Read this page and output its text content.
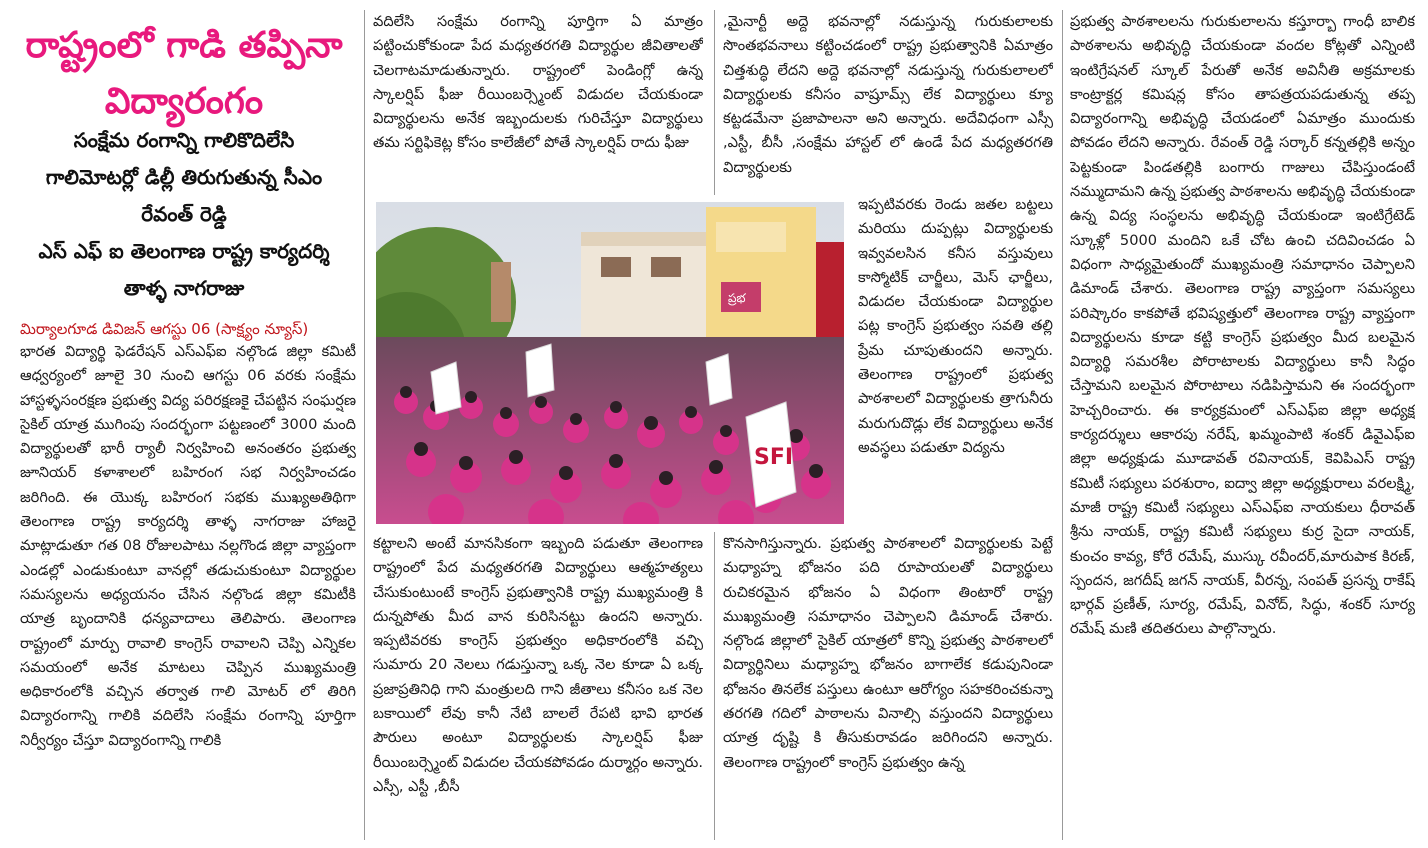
రాష్ట్రంలో గాడి తప్పినా
విద్యారంగం
సంక్షేమ రంగాన్ని గాలికొదిలేసి
గాలిమోటర్లో డిల్లీ తిరుగుతున్న సీఎం
రేవంత్ రెడ్డి
ఎస్ ఎఫ్ ఐ తెలంగాణ రాష్ట్ర కార్యదర్శి
తాళ్ళ నాగరాజు
మిర్యాలగూడ డివిజన్ ఆగస్టు 06 (సాక్ష్యం న్యూస్)

భారత విద్యార్థి ఫెడరేషన్ ఎస్ఎఫ్ఐ నల్గొండ జిల్లా కమిటీ ఆధ్వర్యంలో జూలై 30 నుంచి ఆగస్టు 06 వరకు సంక్షేమ హాస్టళ్ళసంరక్షణ ప్రభుత్వ విద్య పరిరక్షణకై చేపట్టిన సంఘర్షణ సైకిల్ యాత్ర ముగింపు సందర్భంగా పట్టణంలో 3000 మంది విద్యార్థులతో భారీ ర్యాలీ నిర్వహించి అనంతరం ప్రభుత్వ జూనియర్ కళాశాలలో బహిరంగ సభ నిర్వహించడం జరిగింది. ఈ యొక్క బహిరంగ సభకు ముఖ్యఅతిథిగా తెలంగాణ రాష్ట్ర కార్యదర్శి తాళ్ళ నాగరాజు హాజరై మాట్లాడుతూ గత 08 రోజులపాటు నల్లగొండ జిల్లా వ్యాప్తంగా ఎండల్లో ఎండుకుంటూ వానల్లో తడుచుకుంటూ విద్యార్థుల సమస్యలను అధ్యయనం చేసిన నల్గొండ జిల్లా కమిటీకి యాత్ర బృందానికి ధన్యవాదాలు తెలిపారు. తెలంగాణ రాష్ట్రంలో మార్పు రావాలి కాంగ్రెస్ రావాలని చెప్పి ఎన్నికల సమయంలో అనేక మాటలు చెప్పిన ముఖ్యమంత్రి అధికారంలోకి వచ్చిన తర్వాత గాలి మోటర్ లో తిరిగి విద్యారంగాన్ని గాలికి వదిలేసి సంక్షేమ రంగాన్ని పూర్తిగా నిర్వీర్యం చేస్తూ విద్యారంగాన్ని గాలికి

వదిలేసి సంక్షేమ రంగాన్ని పూర్తిగా ఏ మాత్రం పట్టించుకోకుండా పేద మధ్యతరగతి విద్యార్థుల జీవితాలతో చెలగాటమాడుతున్నారు. రాష్ట్రంలో పెండింగ్లో ఉన్న స్కాలర్షిప్ ఫీజు రీయింబర్స్మెంట్ విడుదల చేయకుండా విద్యార్థులను అనేక ఇబ్బందులకు గురిచేస్తూ విద్యార్థులు తమ సర్టిఫికెట్ల కోసం కాలేజీలో పోతే స్కాలర్షిప్ రాదు ఫీజు

ప్రభ
SFI

కట్టాలని అంటే మానసికంగా ఇబ్బంది పడుతూ తెలంగాణ రాష్ట్రంలో పేద మధ్యతరగతి విద్యార్థులు ఆత్మహత్యలు చేసుకుంటుంటే కాంగ్రెస్ ప్రభుత్వానికి రాష్ట్ర ముఖ్యమంత్రి కి దున్నపోతు మీద వాన కురిసినట్టు ఉందని అన్నారు. ఇప్పటివరకు కాంగ్రెస్ ప్రభుత్వం అధికారంలోకి వచ్చి సుమారు 20 నెలలు గడుస్తున్నా ఒక్క నెల కూడా ఏ ఒక్క ప్రజాప్రతినిధి గాని మంత్రులది గాని జీతాలు కనీసం ఒక నెల బకాయిలో లేవు కానీ నేటి బాలలే రేపటి భావి భారత పౌరులు అంటూ విద్యార్థులకు స్కాలర్షిప్ ఫీజు రీయింబర్స్మెంట్ విడుదల చేయకపోవడం దుర్మార్గం అన్నారు. ఎస్సీ, ఎస్టీ ,బీసీ

,మైనార్టీ అద్దె భవనాల్లో నడుస్తున్న గురుకులాలకు సొంతభవనాలు కట్టించడంలో రాష్ట్ర ప్రభుత్వానికి ఏమాత్రం చిత్తశుద్ధి లేదని అద్దె భవనాల్లో నడుస్తున్న గురుకులాలలో విద్యార్థులకు కనీసం వాష్రూమ్స్ లేక విద్యార్థులు క్యూ కట్టడమేనా ప్రజాపాలనా అని అన్నారు. అదేవిధంగా ఎస్సీ ,ఎస్టీ, బీసీ ,సంక్షేమ హాస్టల్ లో ఉండే పేద మధ్యతరగతి విద్యార్థులకు

ఇప్పటివరకు రెండు జతల బట్టలు మరియు దుప్పట్లు విద్యార్థులకు ఇవ్వవలసిన కనీస వస్తువులు కాస్మోటిక్ చార్జీలు, మెస్ ఛార్జీలు, విడుదల చేయకుండా విద్యార్థుల పట్ల కాంగ్రెస్ ప్రభుత్వం సవతి తల్లి ప్రేమ చూపుతుందని అన్నారు. తెలంగాణ రాష్ట్రంలో ప్రభుత్వ పాఠశాలలో విద్యార్థులకు త్రాగునీరు మరుగుదొడ్లు లేక విద్యార్థులు అనేక అవస్థలు పడుతూ విద్యను

కొనసాగిస్తున్నారు. ప్రభుత్వ పాఠశాలలో విద్యార్థులకు పెట్టే మధ్యాహ్న భోజనం పది రూపాయలతో విద్యార్థులు రుచికరమైన భోజనం ఏ విధంగా తింటారో రాష్ట్ర ముఖ్యమంత్రి సమాధానం చెప్పాలని డిమాండ్ చేశారు. నల్గొండ జిల్లాలో సైకిల్ యాత్రలో కొన్ని ప్రభుత్వ పాఠశాలలో విద్యార్థినిలు మధ్యాహ్న భోజనం బాగాలేక కడుపునిండా భోజనం తినలేక పస్తులు ఉంటూ ఆరోగ్యం సహకరించకున్నా తరగతి గదిలో పాఠాలను వినాల్సి వస్తుందని విద్యార్థులు యాత్ర దృష్టి కి తీసుకురావడం జరిగిందని అన్నారు. తెలంగాణ రాష్ట్రంలో కాంగ్రెస్ ప్రభుత్వం ఉన్న

ప్రభుత్వ పాఠశాలలను గురుకులాలను కస్తూర్బా గాంధీ బాలిక పాఠశాలను అభివృద్ధి చేయకుండా వందల కోట్లతో ఎన్నింటి ఇంటిగ్రేషనల్ స్కూల్ పేరుతో అనేక అవినీతి అక్రమాలకు కాంట్రాక్టర్ల కమిషన్ల కోసం తాపత్రయపడుతున్న తప్ప విద్యారంగాన్ని అభివృద్ధి చేయడంలో ఏమాత్రం ముందుకు పోవడం లేదని అన్నారు. రేవంత్ రెడ్డి సర్కార్ కన్నతల్లికి అన్నం పెట్టకుండా పిండతల్లికి బంగారు గాజులు చేపిస్తుండంటే నమ్ముదామని ఉన్న ప్రభుత్వ పాఠశాలను అభివృద్ధి చేయకుండా ఉన్న విద్య సంస్థలను అభివృద్ధి చేయకుండా ఇంటిగ్రేటెడ్ స్కూళ్లో 5000 మందిని ఒకే చోట ఉంచి చదివించడం ఏ విధంగా సాధ్యమైతుందో ముఖ్యమంత్రి సమాధానం చెప్పాలని డిమాండ్ చేశారు. తెలంగాణ రాష్ట్ర వ్యాప్తంగా సమస్యలు పరిష్కారం కాకపోతే భవిష్యత్తులో తెలంగాణ రాష్ట్ర వ్యాప్తంగా విద్యార్థులను కూడా కట్టి కాంగ్రెస్ ప్రభుత్వం మీద బలమైన విద్యార్థి సమరశీల పోరాటాలకు విద్యార్థులు కానీ సిద్ధం చేస్తామని బలమైన పోరాటాలు నడిపిస్తామని ఈ సందర్భంగా హెచ్చరించారు. ఈ కార్యక్రమంలో ఎస్ఎఫ్ఐ జిల్లా అధ్యక్ష కార్యదర్శులు ఆకారపు నరేష్, ఖమ్మంపాటి శంకర్ డివైఎఫ్ఐ జిల్లా అధ్యక్షుడు మూడావత్ రవినాయక్, కెవిపిఎస్ రాష్ట్ర కమిటీ సభ్యులు పరశురాం, ఐద్వా జిల్లా అధ్యక్షురాలు వరలక్ష్మి, మాజీ రాష్ట్ర కమిటీ సభ్యులు ఎస్ఎఫ్ఐ నాయకులు ధీరావత్ శ్రీను నాయక్, రాష్ట్ర కమిటీ సభ్యులు కుర్ర సైదా నాయక్, కుంచం కావ్య, కోరే రమేష్, ముస్కు రవీందర్,మారుపాక కిరణ్, స్పందన, జగదీష్ జగన్ నాయక్, వీరన్న, సంపత్ ప్రసన్న రాకేష్ భార్గవ్ ప్రణీత్, సూర్య, రమేష్, వినోద్, సిద్ధు, శంకర్ సూర్య రమేష్ మణి తదితరులు పాల్గొన్నారు.
